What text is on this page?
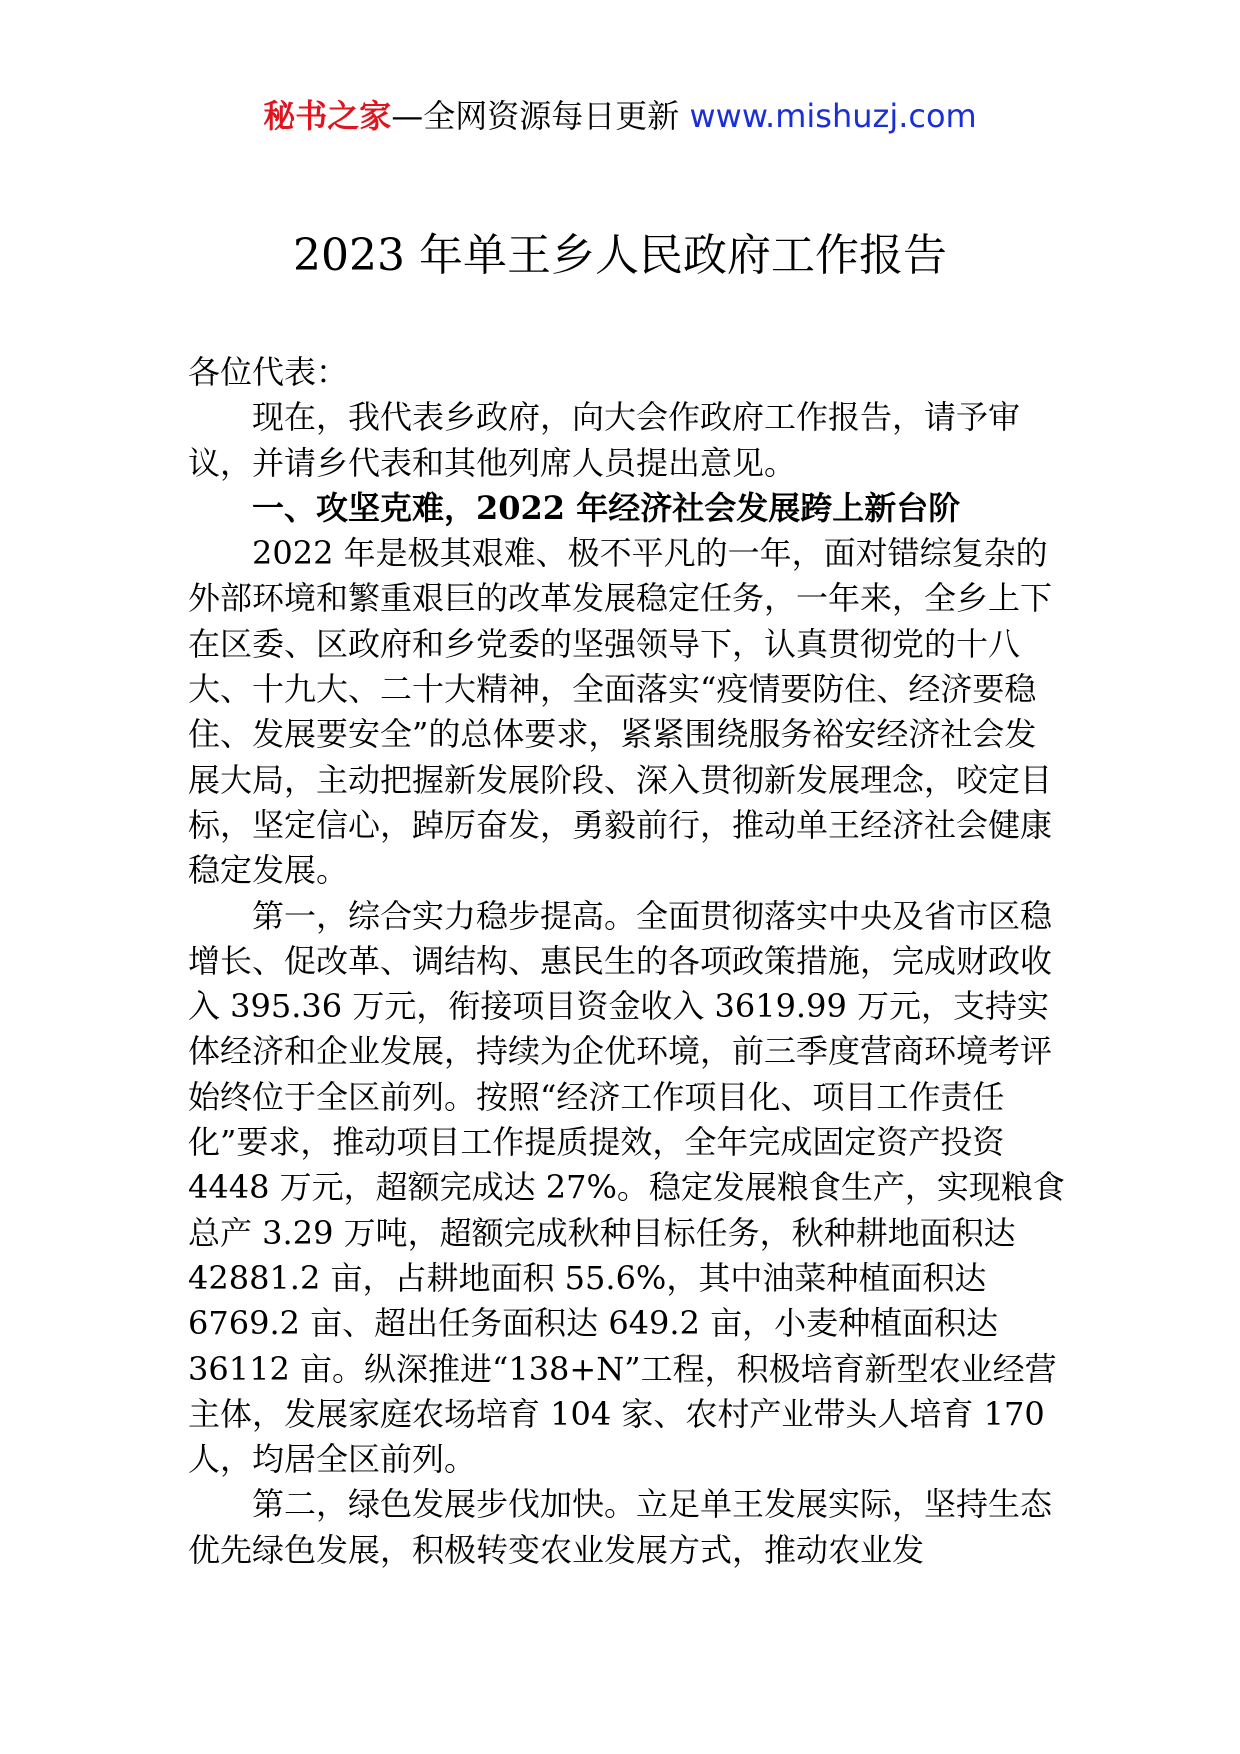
秘书之家—全网资源每日更新 www.mishuzj.com
2023 年单王乡人民政府工作报告

各位代表：

现在，我代表乡政府，向大会作政府工作报告，请予审议，并请乡代表和其他列席人员提出意见。

一、攻坚克难，2022 年经济社会发展跨上新台阶

2022 年是极其艰难、极不平凡的一年，面对错综复杂的外部环境和繁重艰巨的改革发展稳定任务，一年来，全乡上下在区委、区政府和乡党委的坚强领导下，认真贯彻党的十八大、十九大、二十大精神，全面落实“疫情要防住、经济要稳住、发展要安全”的总体要求，紧紧围绕服务裕安经济社会发展大局，主动把握新发展阶段、深入贯彻新发展理念，咬定目标，坚定信心，踔厉奋发，勇毅前行，推动单王经济社会健康稳定发展。

第一，综合实力稳步提高。全面贯彻落实中央及省市区稳增长、促改革、调结构、惠民生的各项政策措施，完成财政收入 395.36 万元，衔接项目资金收入 3619.99 万元，支持实体经济和企业发展，持续为企优环境，前三季度营商环境考评始终位于全区前列。按照“经济工作项目化、项目工作责任化”要求，推动项目工作提质提效，全年完成固定资产投资 4448 万元，超额完成达 27%。稳定发展粮食生产，实现粮食总产 3.29 万吨，超额完成秋种目标任务，秋种耕地面积达 42881.2 亩，占耕地面积 55.6%，其中油菜种植面积达 6769.2 亩、超出任务面积达 649.2 亩，小麦种植面积达 36112 亩。纵深推进“138+N”工程，积极培育新型农业经营主体，发展家庭农场培育 104 家、农村产业带头人培育 170 人，均居全区前列。

第二，绿色发展步伐加快。立足单王发展实际，坚持生态优先绿色发展，积极转变农业发展方式，推动农业发
